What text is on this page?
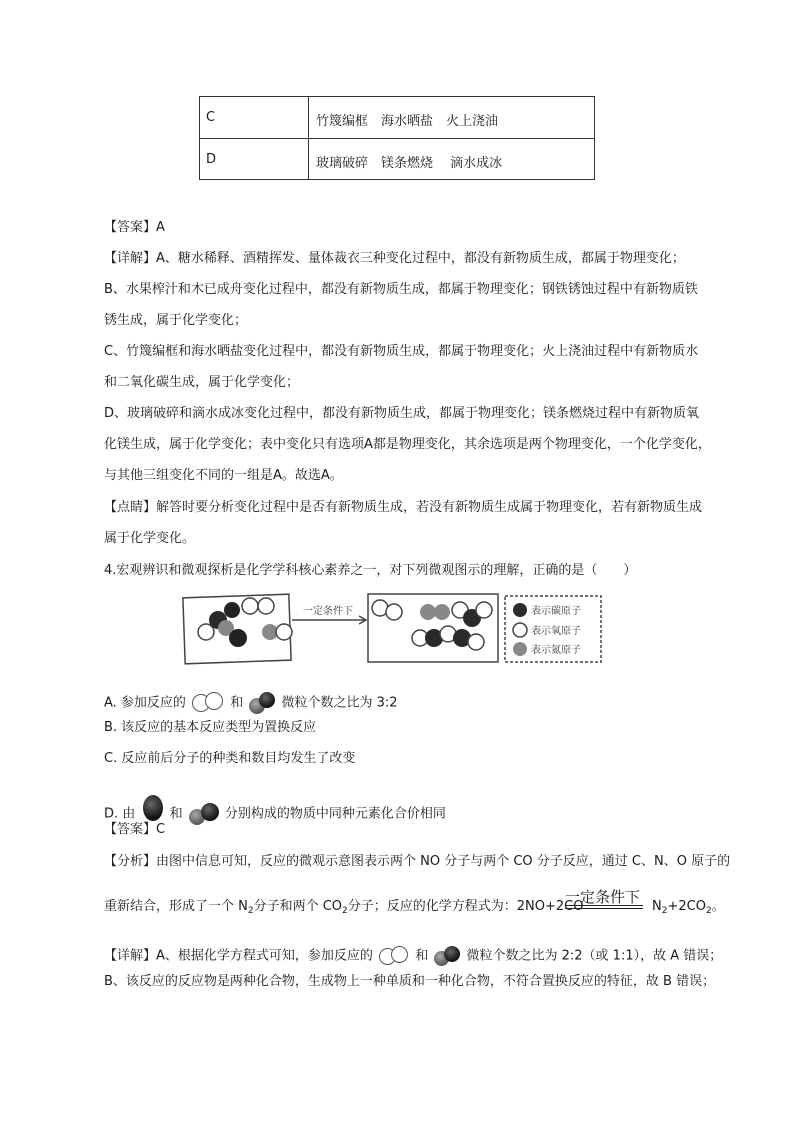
C	竹篾编框　海水晒盐　火上浇油
D	玻璃破碎　镁条燃烧　 滴水成冰
【答案】A
【详解】A、糖水稀释、酒精挥发、量体裁衣三种变化过程中，都没有新物质生成，都属于物理变化；
B、水果榨汁和木已成舟变化过程中，都没有新物质生成，都属于物理变化；钢铁锈蚀过程中有新物质铁
锈生成，属于化学变化；
C、竹篾编框和海水晒盐变化过程中，都没有新物质生成，都属于物理变化；火上浇油过程中有新物质水
和二氧化碳生成，属于化学变化；
D、玻璃破碎和滴水成冰变化过程中，都没有新物质生成，都属于物理变化；镁条燃烧过程中有新物质氧
化镁生成，属于化学变化；表中变化只有选项A都是物理变化，其余选项是两个物理变化，一个化学变化，
与其他三组变化不同的一组是A。故选A。
【点睛】解答时要分析变化过程中是否有新物质生成，若没有新物质生成属于物理变化，若有新物质生成
属于化学变化。
4.宏观辨识和微观探析是化学学科核心素养之一，对下列微观图示的理解，正确的是（　　）
一定条件下	表示碳原子
表示氧原子
表示氮原子
A. 参加反应的	和	微粒个数之比为 3:2
B. 该反应的基本反应类型为置换反应
C. 反应前后分子的种类和数目均发生了改变
D. 由	和	分别构成的物质中同种元素化合价相同
【答案】C
【分析】由图中信息可知，反应的微观示意图表示两个 NO 分子与两个 CO 分子反应，通过 C、N、O 原子的
重新结合，形成了一个 $N_2$分子和两个 $CO_2$分子；反应的化学方程式为：2NO+2CO
一定条件下
$N_2+2CO_2$。
【详解】A、根据化学方程式可知，参加反应的	和	微粒个数之比为 2:2（或 1:1），故 A 错误；
B、该反应的反应物是两种化合物，生成物上一种单质和一种化合物，不符合置换反应的特征，故 B 错误；
